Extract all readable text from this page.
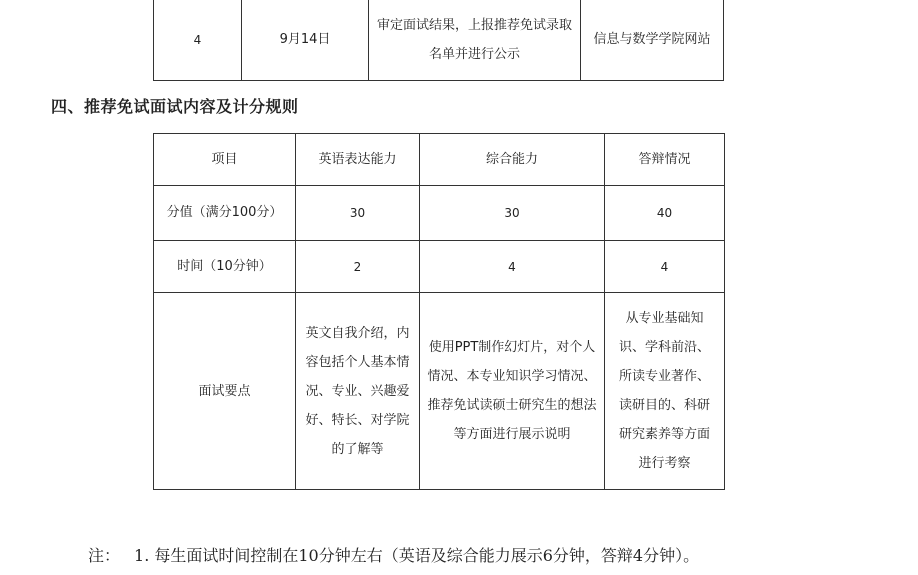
4	9月14日	审定面试结果，上报推荐免试录取名单并进行公示	信息与数学学院网站
四、推荐免试面试内容及计分规则
项目	英语表达能力	综合能力	答辩情况
分值（满分100分）	30	30	40
时间（10分钟）	2	4	4
面试要点	英文自我介绍，内容包括个人基本情况、专业、兴趣爱好、特长、对学院的了解等	使用PPT制作幻灯片，对个人情况、本专业知识学习情况、推荐免试读硕士研究生的想法等方面进行展示说明	从专业基础知识、学科前沿、所读专业著作、读研目的、科研研究素养等方面进行考察

注： 1. 每生面试时间控制在10分钟左右（英语及综合能力展示6分钟，答辩4分钟）。
